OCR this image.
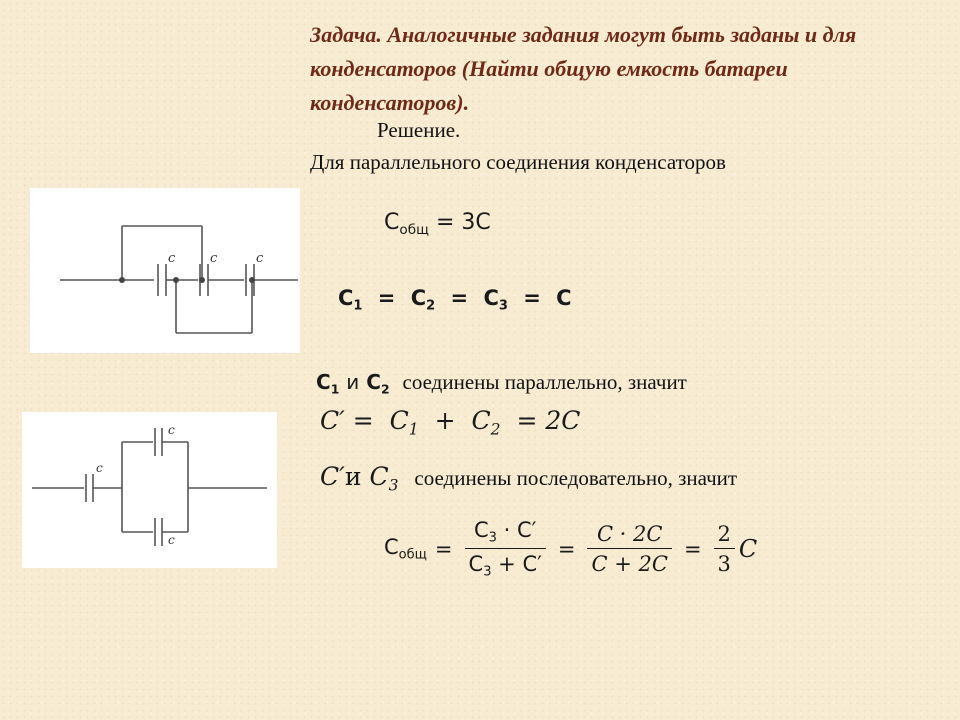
Задача. Аналогичные задания могут быть заданы и для конденсаторов (Найти общую емкость батареи конденсаторов).
Решение.
Для параллельного соединения конденсаторов
c	c	c
c
c
c
$C_{общ} = 3C$
$C_1 = C_2 = C_3 = C$
$C_1$ и $C_2$ соединены параллельно, значит
$C' = C_1 + C_2 = 2C$
C′и $C_3$ соединены последовательно, значит
$C_{общ} = \frac{C_3 \cdot C'}{C_3 + C'} = \frac{C \cdot 2C}{C + 2C} = \frac{2}{3}$ C
